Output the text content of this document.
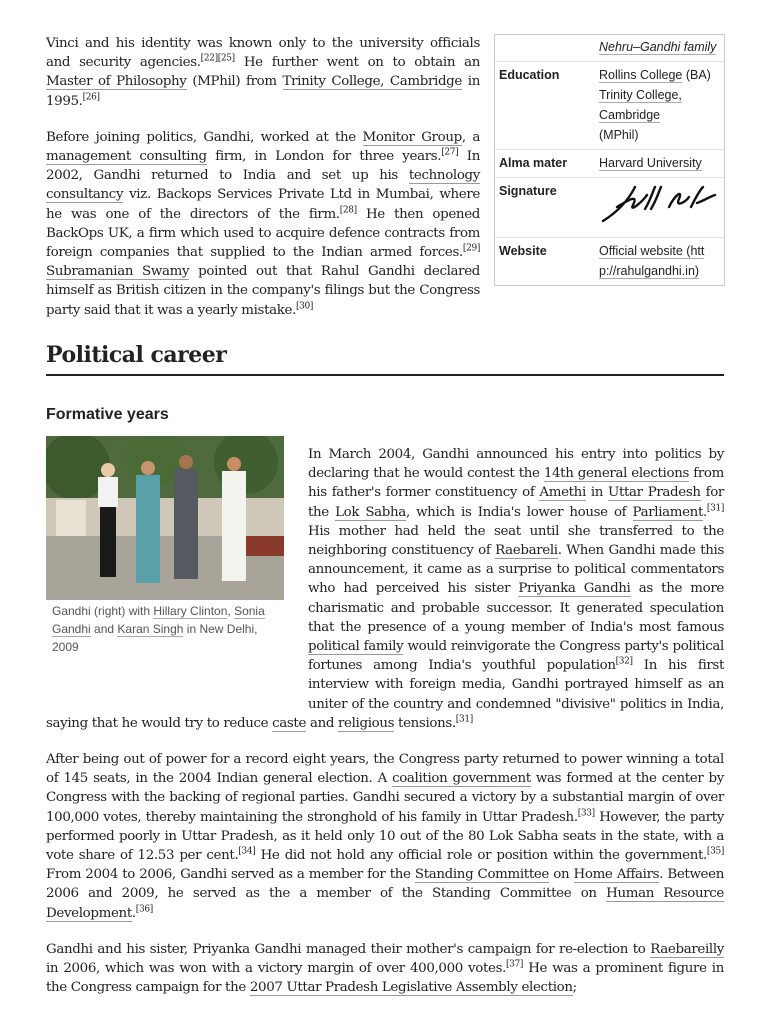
Nehru–Gandhi family
Education	Rollins College (BA)
Trinity College, Cambridge
(MPhil)
Alma mater	Harvard University
Signature
Website	Official website (http://rahulgandhi.in)

Vinci and his identity was known only to the university officials and security agencies.[22][25] He further went on to obtain an Master of Philosophy (MPhil) from Trinity College, Cambridge in 1995.[26]

Before joining politics, Gandhi, worked at the Monitor Group, a management consulting firm, in London for three years.[27] In 2002, Gandhi returned to India and set up his technology consultancy viz. Backops Services Private Ltd in Mumbai, where he was one of the directors of the firm.[28] He then opened BackOps UK, a firm which used to acquire defence contracts from foreign companies that supplied to the Indian armed forces.[29] Subramanian Swamy pointed out that Rahul Gandhi declared himself as British citizen in the company's filings but the Congress party said that it was a yearly mistake.[30]

Political career
Formative years
Gandhi (right) with Hillary Clinton, Sonia Gandhi and Karan Singh in New Delhi, 2009

In March 2004, Gandhi announced his entry into politics by declaring that he would contest the 14th general elections from his father's former constituency of Amethi in Uttar Pradesh for the Lok Sabha, which is India's lower house of Parliament.[31] His mother had held the seat until she transferred to the neighboring constituency of Raebareli. When Gandhi made this announcement, it came as a surprise to political commentators who had perceived his sister Priyanka Gandhi as the more charismatic and probable successor. It generated speculation that the presence of a young member of India's most famous political family would reinvigorate the Congress party's political fortunes among India's youthful population[32] In his first interview with foreign media, Gandhi portrayed himself as an uniter of the country and condemned "divisive" politics in India, saying that he would try to reduce caste and religious tensions.[31]

After being out of power for a record eight years, the Congress party returned to power winning a total of 145 seats, in the 2004 Indian general election. A coalition government was formed at the center by Congress with the backing of regional parties. Gandhi secured a victory by a substantial margin of over 100,000 votes, thereby maintaining the stronghold of his family in Uttar Pradesh.[33] However, the party performed poorly in Uttar Pradesh, as it held only 10 out of the 80 Lok Sabha seats in the state, with a vote share of 12.53 per cent.[34] He did not hold any official role or position within the government.[35] From 2004 to 2006, Gandhi served as a member for the Standing Committee on Home Affairs. Between 2006 and 2009, he served as the a member of the Standing Committee on Human Resource Development.[36]

Gandhi and his sister, Priyanka Gandhi managed their mother's campaign for re-election to Raebareilly in 2006, which was won with a victory margin of over 400,000 votes.[37] He was a prominent figure in the Congress campaign for the 2007 Uttar Pradesh Legislative Assembly election;
